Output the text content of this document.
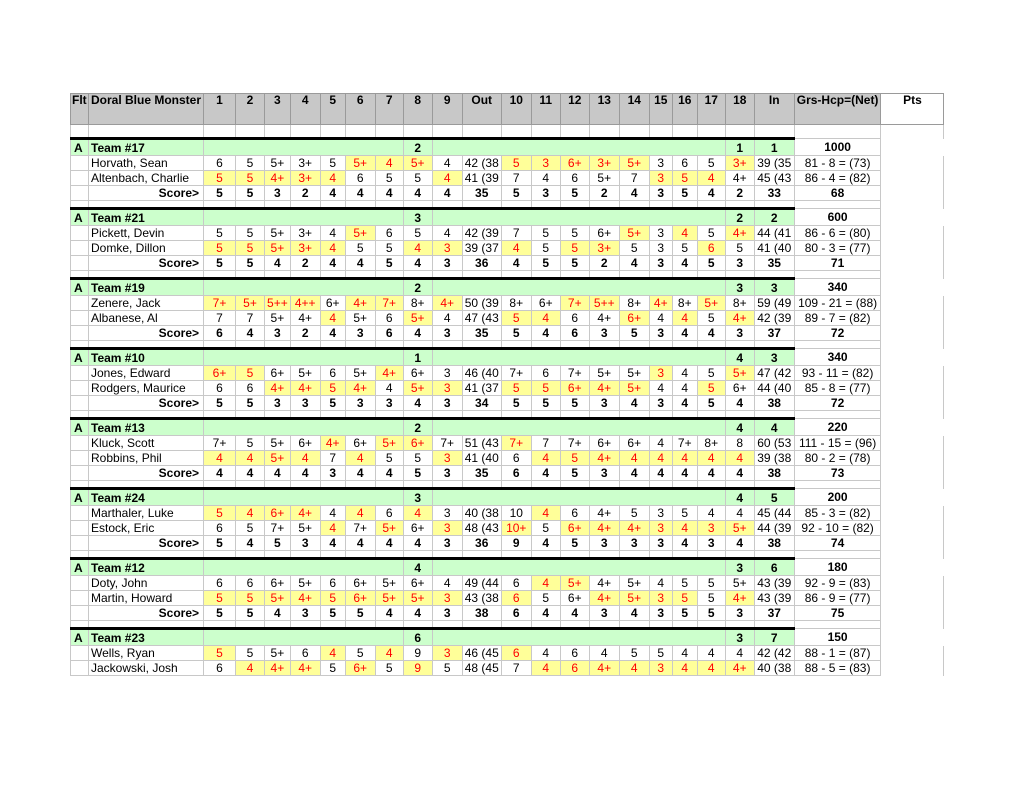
Flt	Doral Blue Monster	1	2	3	4	5	6	7	8	9	Out	10	11	12	13	14	15	16	17	18	In	Grs-Hcp=(Net)	Pts

A	Team #17								2											1	1	1000	
	Horvath, Sean	6	5	5+	3+	5	5+	4	5+	4	42 (38	5	3	6+	3+	5+	3	6	5	3+	39 (35	81 - 8 = (73)	
	Altenbach, Charlie	5	5	4+	3+	4	6	5	5	4	41 (39	7	4	6	5+	7	3	5	4	4+	45 (43	86 - 4 = (82)	
	Score>	5	5	3	2	4	4	4	4	4	35	5	3	5	2	4	3	5	4	2	33	68	

A	Team #21								3											2	2	600	
	Pickett, Devin	5	5	5+	3+	4	5+	6	5	4	42 (39	7	5	5	6+	5+	3	4	5	4+	44 (41	86 - 6 = (80)	
	Domke, Dillon	5	5	5+	3+	4	5	5	4	3	39 (37	4	5	5	3+	5	3	5	6	5	41 (40	80 - 3 = (77)	
	Score>	5	5	4	2	4	4	5	4	3	36	4	5	5	2	4	3	4	5	3	35	71	

A	Team #19								2											3	3	340	
	Zenere, Jack	7+	5+	5++	4++	6+	4+	7+	8+	4+	50 (39	8+	6+	7+	5++	8+	4+	8+	5+	8+	59 (49	109 - 21 = (88)	
	Albanese, Al	7	7	5+	4+	4	5+	6	5+	4	47 (43	5	4	6	4+	6+	4	4	5	4+	42 (39	89 - 7 = (82)	
	Score>	6	4	3	2	4	3	6	4	3	35	5	4	6	3	5	3	4	4	3	37	72	

A	Team #10								1											4	3	340	
	Jones, Edward	6+	5	6+	5+	6	5+	4+	6+	3	46 (40	7+	6	7+	5+	5+	3	4	5	5+	47 (42	93 - 11 = (82)	
	Rodgers, Maurice	6	6	4+	4+	5	4+	4	5+	3	41 (37	5	5	6+	4+	5+	4	4	5	6+	44 (40	85 - 8 = (77)	
	Score>	5	5	3	3	5	3	3	4	3	34	5	5	5	3	4	3	4	5	4	38	72	

A	Team #13								2											4	4	220	
	Kluck, Scott	7+	5	5+	6+	4+	6+	5+	6+	7+	51 (43	7+	7	7+	6+	6+	4	7+	8+	8	60 (53	111 - 15 = (96)	
	Robbins, Phil	4	4	5+	4	7	4	5	5	3	41 (40	6	4	5	4+	4	4	4	4	4	39 (38	80 - 2 = (78)	
	Score>	4	4	4	4	3	4	4	5	3	35	6	4	5	3	4	4	4	4	4	38	73	

A	Team #24								3											4	5	200	
	Marthaler, Luke	5	4	6+	4+	4	4	6	4	3	40 (38	10	4	6	4+	5	3	5	4	4	45 (44	85 - 3 = (82)	
	Estock, Eric	6	5	7+	5+	4	7+	5+	6+	3	48 (43	10+	5	6+	4+	4+	3	4	3	5+	44 (39	92 - 10 = (82)	
	Score>	5	4	5	3	4	4	4	4	3	36	9	4	5	3	3	3	4	3	4	38	74	

A	Team #12								4											3	6	180	
	Doty, John	6	6	6+	5+	6	6+	5+	6+	4	49 (44	6	4	5+	4+	5+	4	5	5	5+	43 (39	92 - 9 = (83)	
	Martin, Howard	5	5	5+	4+	5	6+	5+	5+	3	43 (38	6	5	6+	4+	5+	3	5	5	4+	43 (39	86 - 9 = (77)	
	Score>	5	5	4	3	5	5	4	4	3	38	6	4	4	3	4	3	5	5	3	37	75	

A	Team #23								6											3	7	150	
	Wells, Ryan	5	5	5+	6	4	5	4	9	3	46 (45	6	4	6	4	5	5	4	4	4	42 (42	88 - 1 = (87)	
	Jackowski, Josh	6	4	4+	4+	5	6+	5	9	5	48 (45	7	4	6	4+	4	3	4	4	4+	40 (38	88 - 5 = (83)	
